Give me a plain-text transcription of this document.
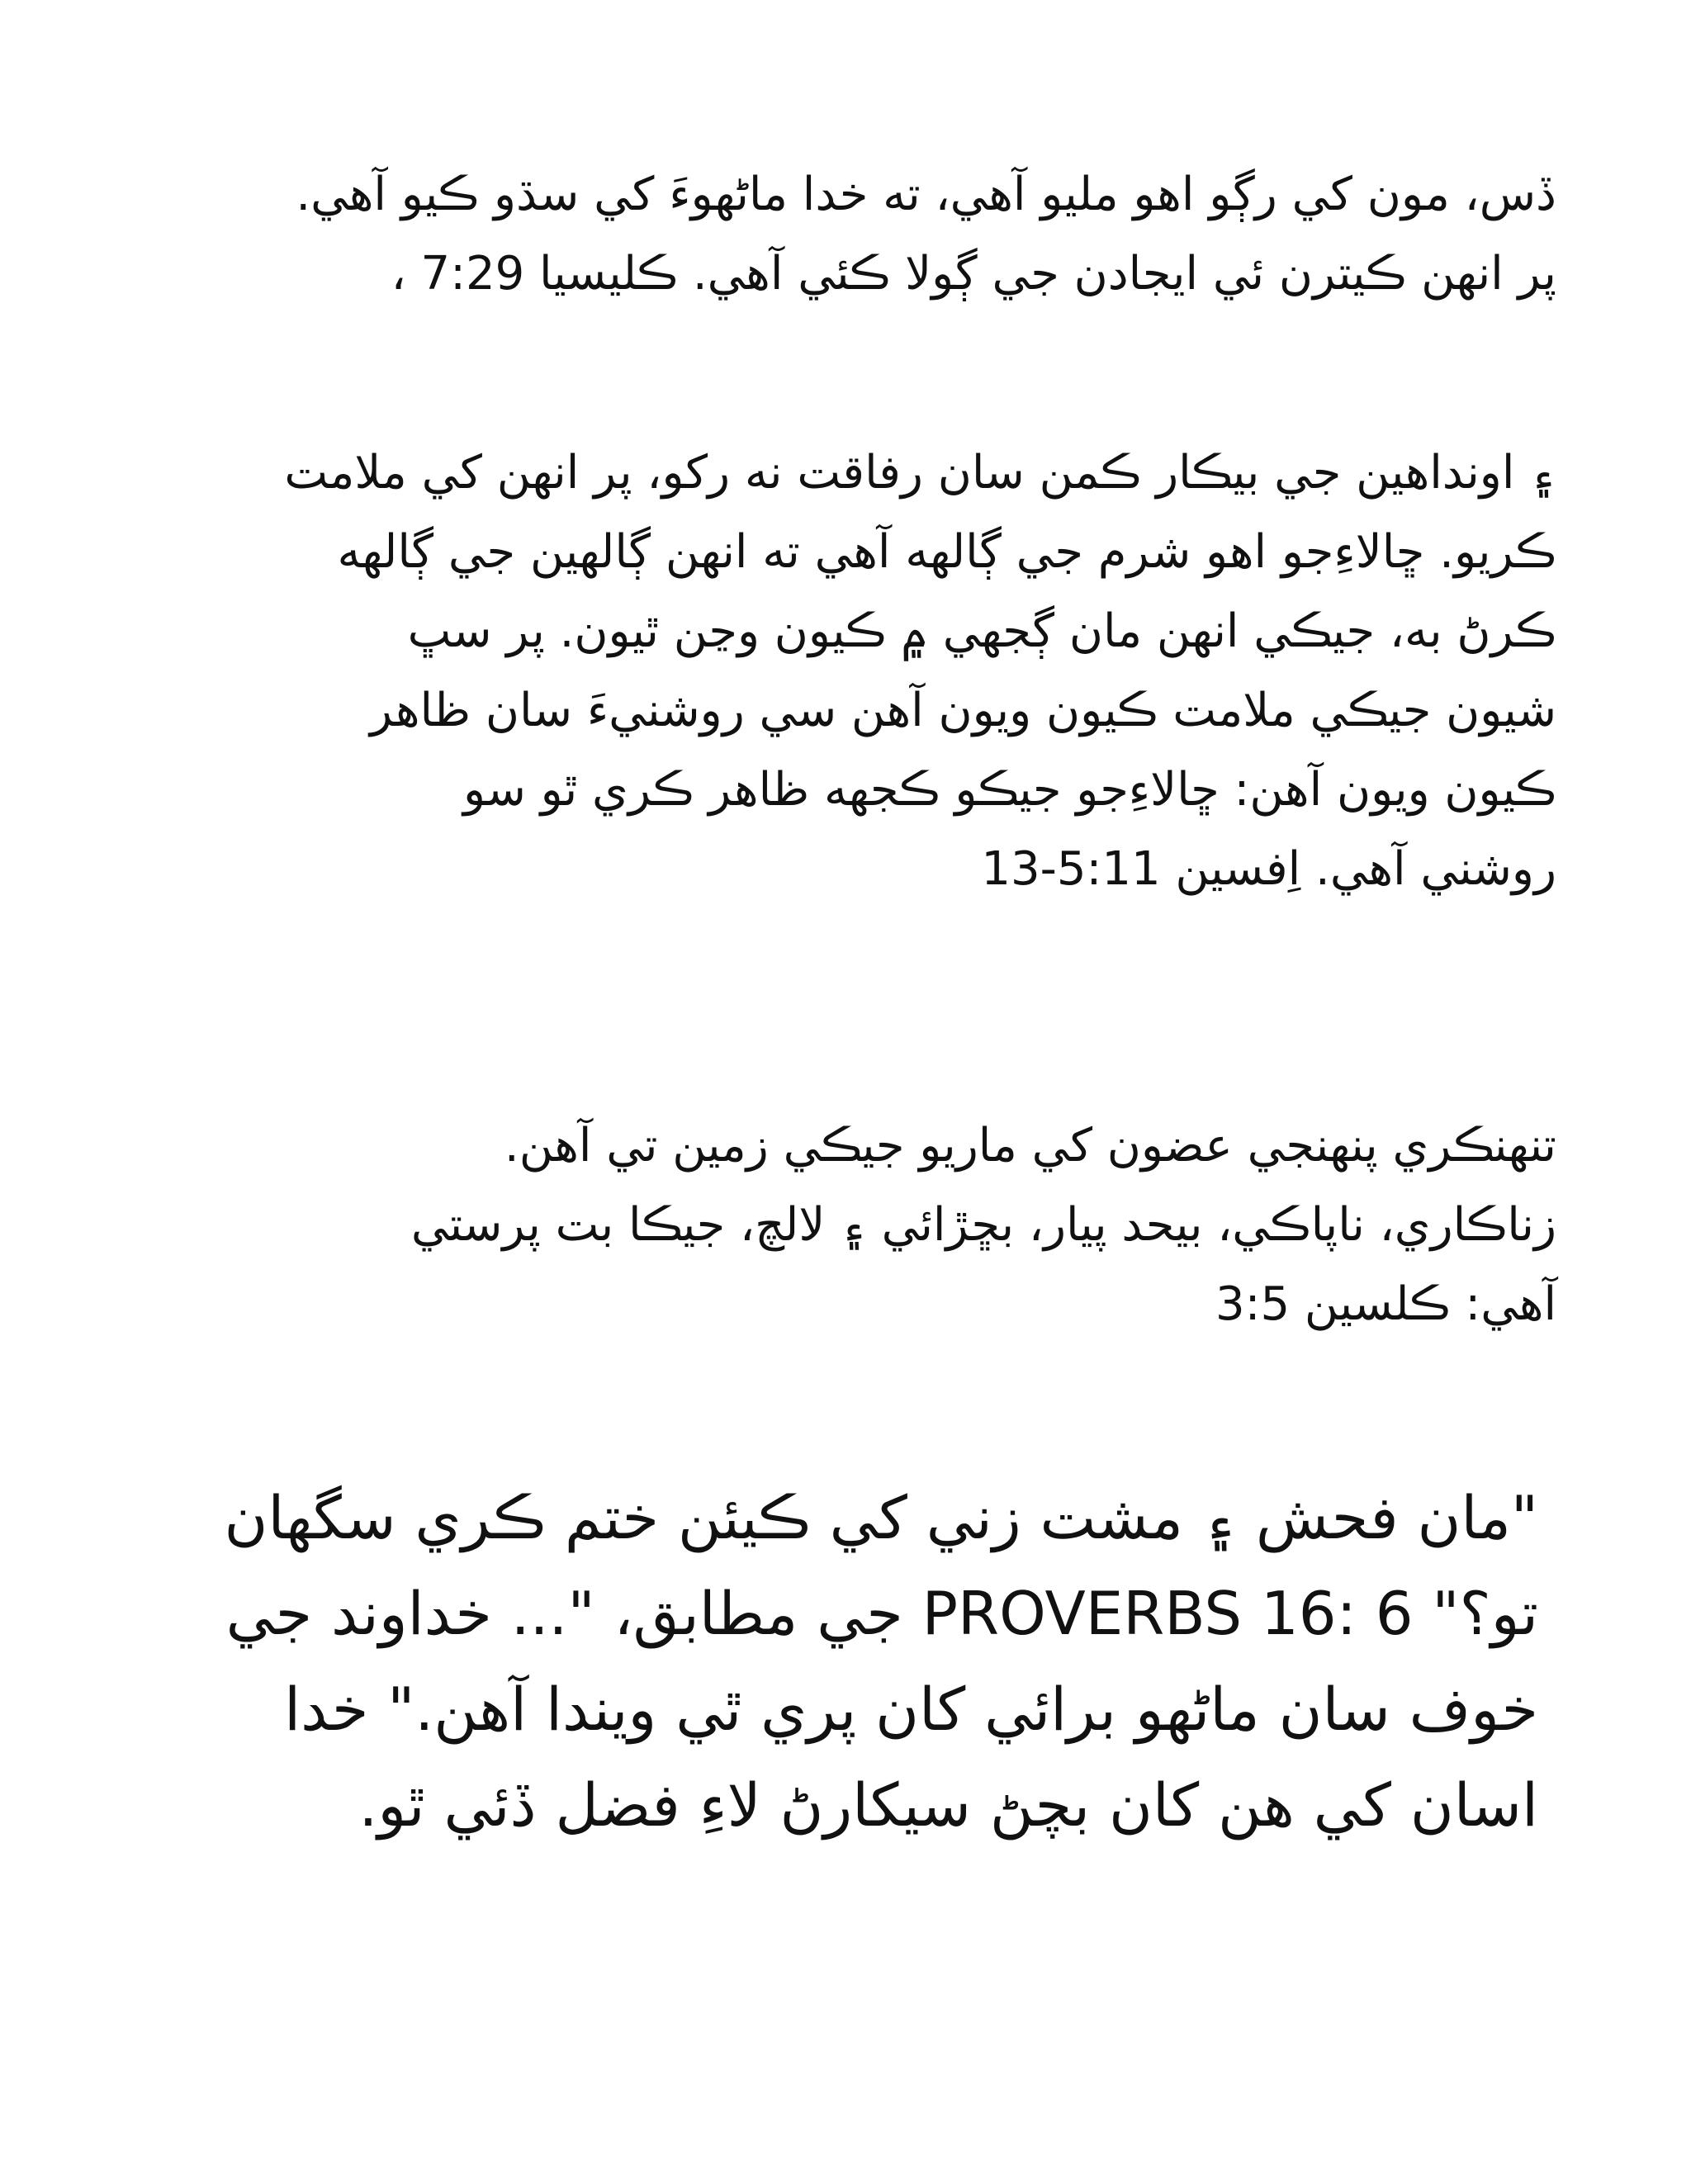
ڏس، مون کي رڳو اهو مليو آهي، ته خدا ماڻهوءَ کي سڌو ڪيو آهي.
پر انهن ڪيترن ئي ايجادن جي ڳولا ڪئي آهي. ڪليسيا 7:29 ،
۽ اونداهين جي بيڪار ڪمن سان رفاقت نه رکو، پر انهن کي ملامت
ڪريو. ڇالاءِجو اهو شرم جي ڳالهه آهي ته انهن ڳالهين جي ڳالهه
ڪرڻ به، جيڪي انهن مان ڳجهي ۾ ڪيون وڃن ٿيون. پر سڀ
شيون جيڪي ملامت ڪيون ويون آهن سي روشنيءَ سان ظاهر
ڪيون ويون آهن: ڇالاءِجو جيڪو ڪجهه ظاهر ڪري ٿو سو
روشني آهي. اِفسين 5:11-13
تنهنڪري پنهنجي عضون کي ماريو جيڪي زمين تي آهن.
زناڪاري، ناپاڪي، بيحد پيار، بڇڙائي ۽ لالچ، جيڪا بت پرستي
آهي: ڪلسين 3:5
"مان فحش ۽ مشت زني کي ڪيئن ختم ڪري سگهان
تو؟" PROVERBS 16: 6 جي مطابق، "... خداوند جي
خوف سان ماڻهو برائي کان پري ٿي ويندا آهن." خدا
اسان کي هن کان بچڻ سيکارڻ لاءِ فضل ڏئي ٿو.
